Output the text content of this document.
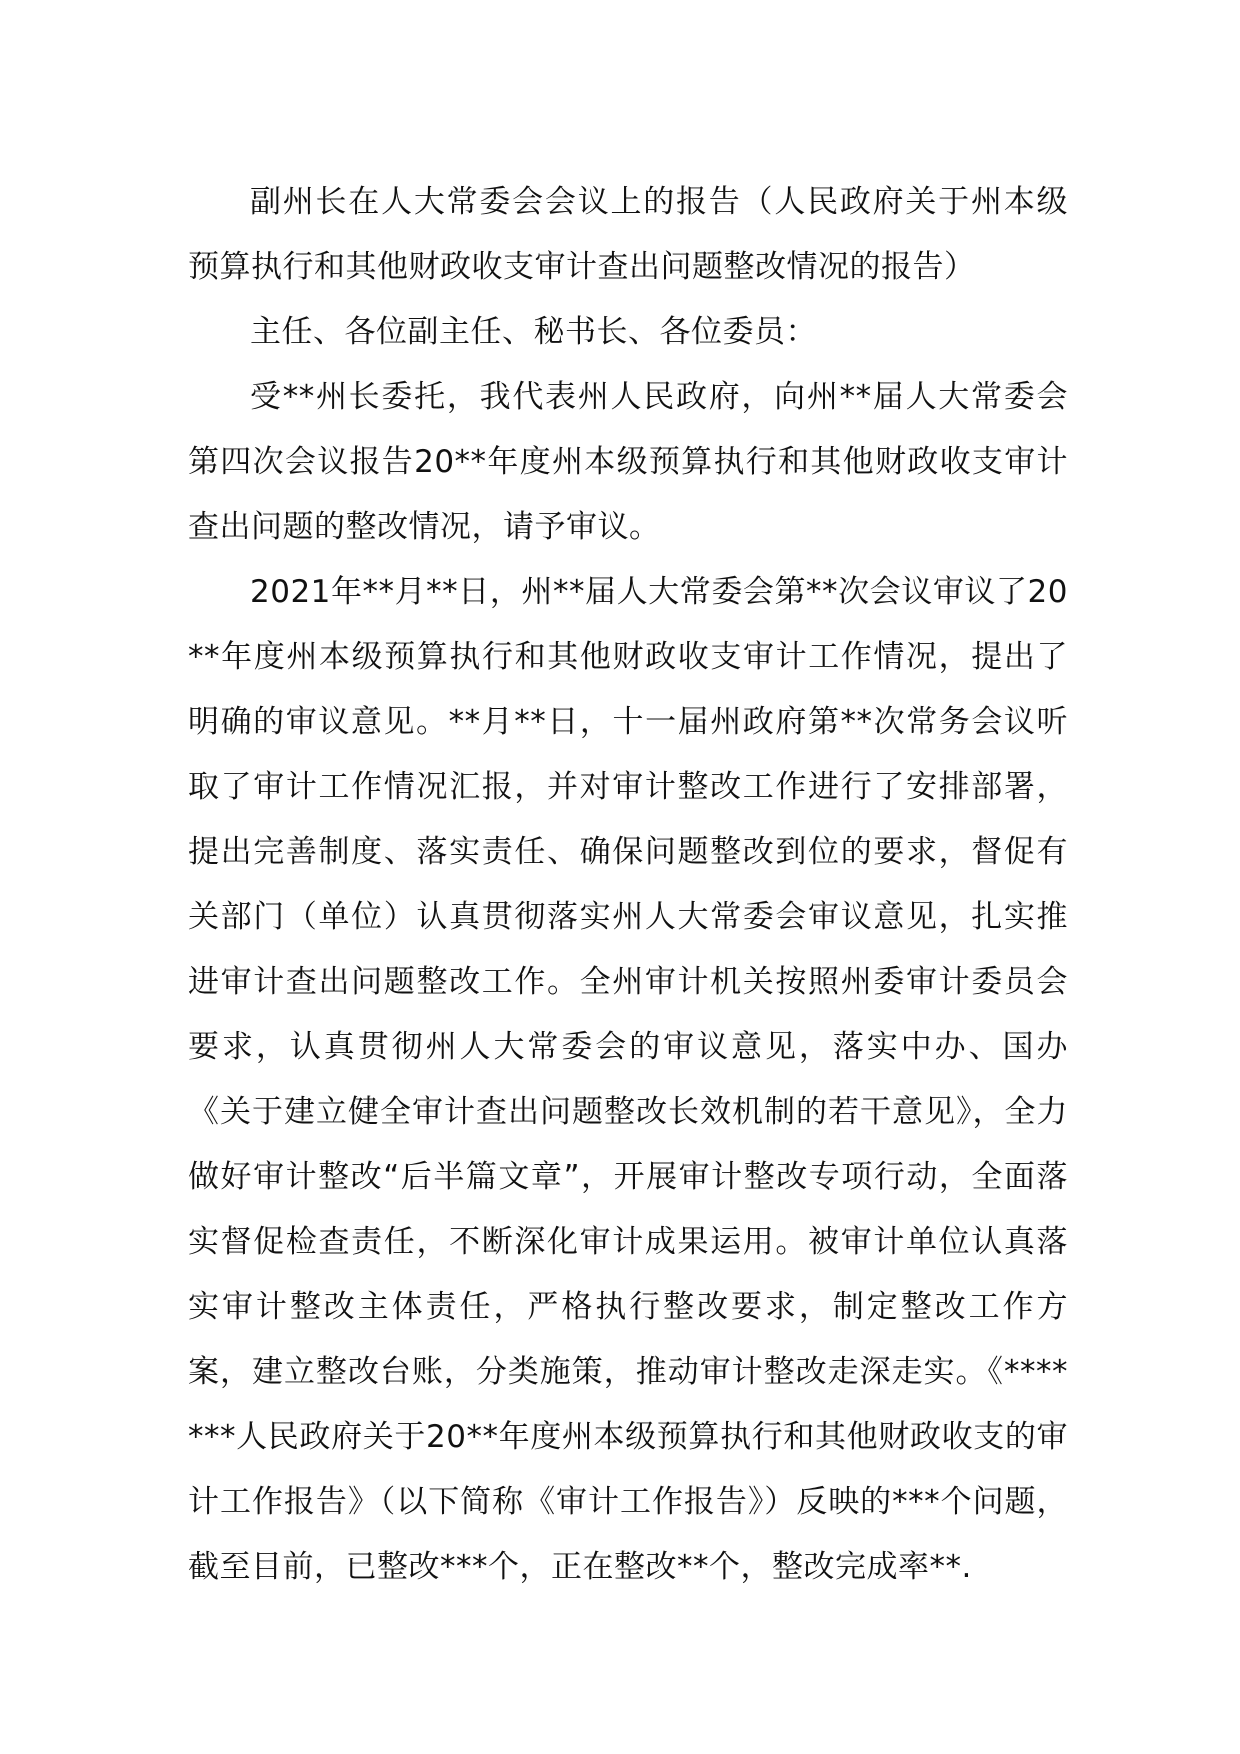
副州长在人大常委会会议上的报告（人民政府关于州本级预算执行和其他财政收支审计查出问题整改情况的报告）

主任、各位副主任、秘书长、各位委员：

受**州长委托，我代表州人民政府，向州**届人大常委会第四次会议报告20**年度州本级预算执行和其他财政收支审计查出问题的整改情况，请予审议。

2021年**月**日，州**届人大常委会第**次会议审议了20**年度州本级预算执行和其他财政收支审计工作情况，提出了明确的审议意见。**月**日，十一届州政府第**次常务会议听取了审计工作情况汇报，并对审计整改工作进行了安排部署，提出完善制度、落实责任、确保问题整改到位的要求，督促有关部门（单位）认真贯彻落实州人大常委会审议意见，扎实推进审计查出问题整改工作。全州审计机关按照州委审计委员会要求，认真贯彻州人大常委会的审议意见，落实中办、国办《关于建立健全审计查出问题整改长效机制的若干意见》，全力做好审计整改“后半篇文章”，开展审计整改专项行动，全面落实督促检查责任，不断深化审计成果运用。被审计单位认真落实审计整改主体责任，严格执行整改要求，制定整改工作方案，建立整改台账，分类施策，推动审计整改走深走实。《*******人民政府关于20**年度州本级预算执行和其他财政收支的审计工作报告》（以下简称《审计工作报告》）反映的***个问题，截至目前，已整改***个，正在整改**个，整改完成率**.
